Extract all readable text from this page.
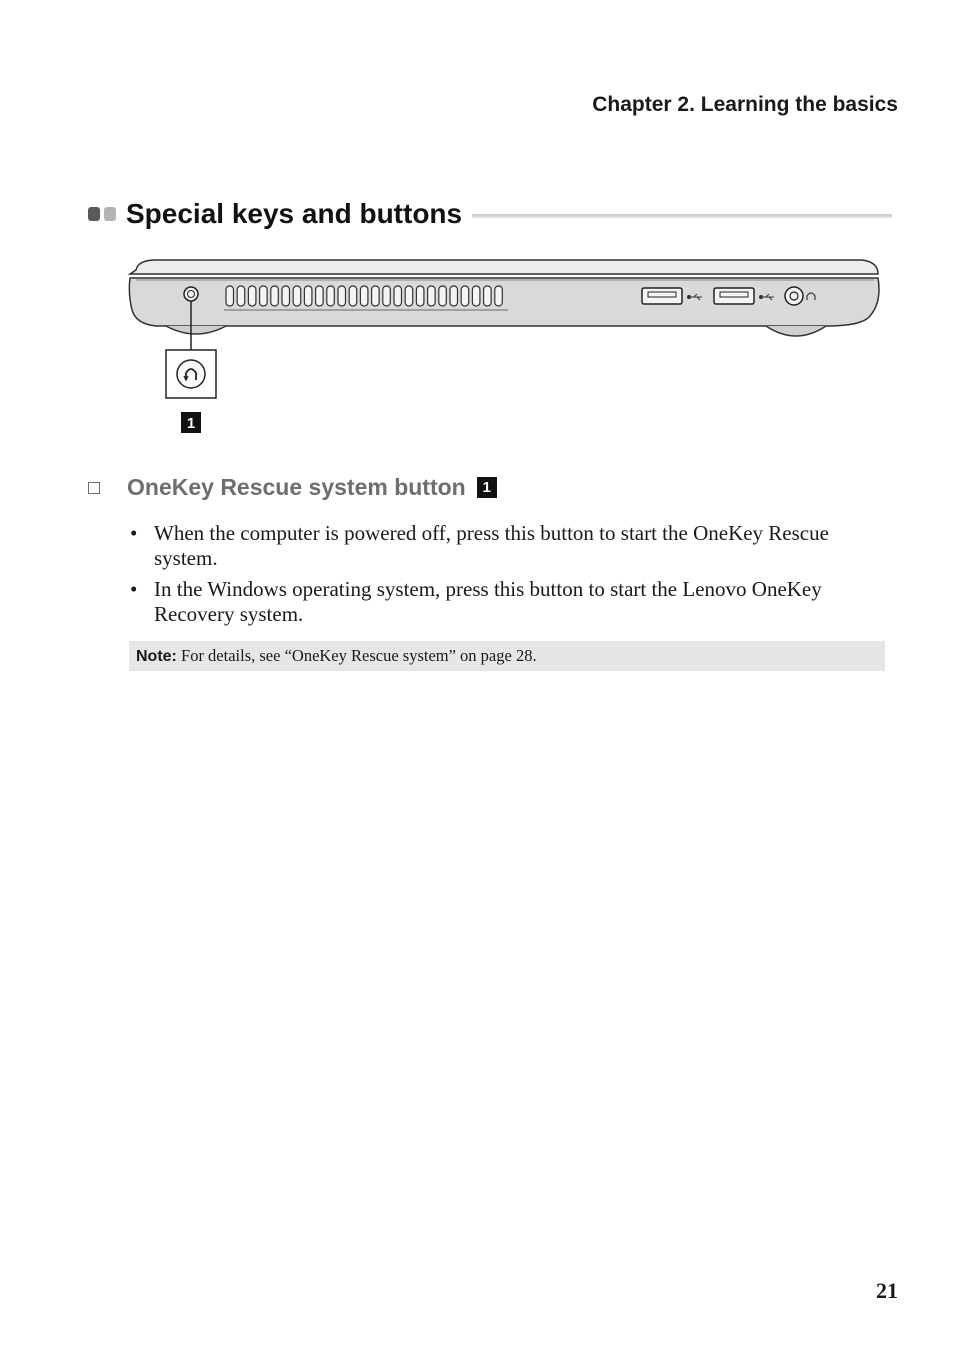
Chapter 2. Learning the basics
Special keys and buttons
1
OneKey Rescue system button	1
• When the computer is powered off, press this button to start the OneKey Rescue system.
• In the Windows operating system, press this button to start the Lenovo OneKey Recovery system.
Note: For details, see “OneKey Rescue system” on page 28.
21
